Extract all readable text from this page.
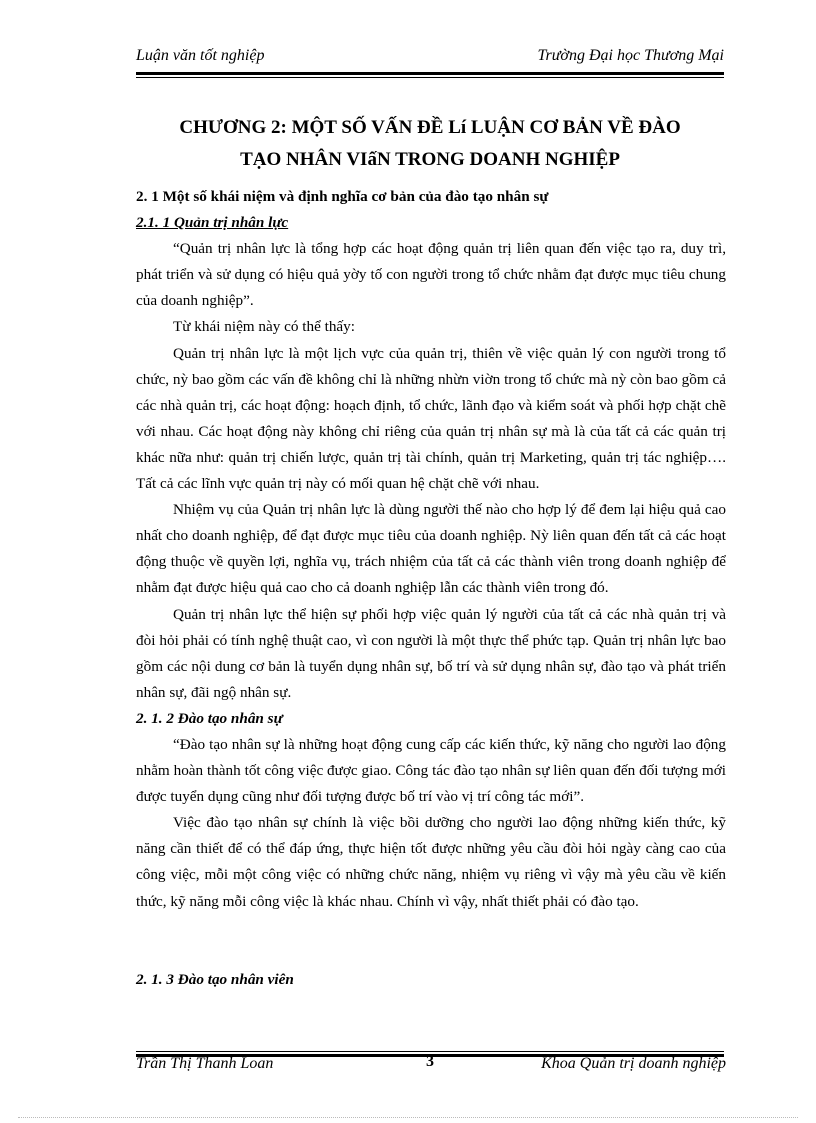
Luận văn tốt nghiệp	Trường Đại học Thương Mại
CHƯƠNG 2: MỘT SỐ VẤN ĐỀ Lí LUẬN CƠ BẢN VỀ ĐÀO
TẠO NHÂN VIấN TRONG DOANH NGHIỆP
2. 1 Một số khái niệm và định nghĩa cơ bản của đào tạo nhân sự
2.1. 1 Quản trị nhân lực

“Quản trị nhân lực là tổng hợp các hoạt động quản trị liên quan đến việc tạo ra, duy trì, phát triển và sử dụng có hiệu quả yờy tố con người trong tổ chức nhằm đạt được mục tiêu chung của doanh nghiệp”.

Từ khái niệm này có thể thấy:

Quản trị nhân lực là một lịch vực của quản trị, thiên về việc quản lý con người trong tổ chức, nỳ bao gồm các vấn đề không chỉ là những nhừn viờn trong tổ chức mà nỳ còn bao gồm cả các nhà quản trị, các hoạt động: hoạch định, tổ chức, lãnh đạo và kiểm soát và phối hợp chặt chẽ với nhau. Các hoạt động này không chỉ riêng của quản trị nhân sự mà là của tất cả các quản trị khác nữa như: quản trị chiến lược, quản trị tài chính, quản trị Marketing, quản trị tác nghiệp…. Tất cả các lĩnh vực quản trị này có mối quan hệ chặt chẽ với nhau.

Nhiệm vụ của Quản trị nhân lực là dùng người thế nào cho hợp lý để đem lại hiệu quả cao nhất cho doanh nghiệp, để đạt được mục tiêu của doanh nghiệp. Nỳ liên quan đến tất cả các hoạt động thuộc về quyền lợi, nghĩa vụ, trách nhiệm của tất cả các thành viên trong doanh nghiệp để nhằm đạt được hiệu quả cao cho cả doanh nghiệp lẫn các thành viên trong đó.

Quản trị nhân lực thể hiện sự phối hợp việc quản lý người của tất cả các nhà quản trị và đòi hỏi phải có tính nghệ thuật cao, vì con người là một thực thể phức tạp. Quản trị nhân lực bao gồm các nội dung cơ bản là tuyển dụng nhân sự, bố trí và sử dụng nhân sự, đào tạo và phát triển nhân sự, đãi ngộ nhân sự.

2. 1. 2 Đào tạo nhân sự

“Đào tạo nhân sự là những hoạt động cung cấp các kiến thức, kỹ năng cho người lao động nhằm hoàn thành tốt công việc được giao. Công tác đào tạo nhân sự liên quan đến đối tượng mới được tuyển dụng cũng như đối tượng được bố trí vào vị trí công tác mới”.

Việc đào tạo nhân sự chính là việc bồi dưỡng cho người lao động những kiến thức, kỹ năng cần thiết để có thể đáp ứng, thực hiện tốt được những yêu cầu đòi hỏi ngày càng cao của công việc, mỗi một công việc có những chức năng, nhiệm vụ riêng vì vậy mà yêu cầu về kiến thức, kỹ năng mỗi công việc là khác nhau. Chính vì vậy, nhất thiết phải có đào tạo.

2. 1. 3 Đào tạo nhân viên
Trần Thị Thanh Loan	3	Khoa Quản trị doanh nghiệp
